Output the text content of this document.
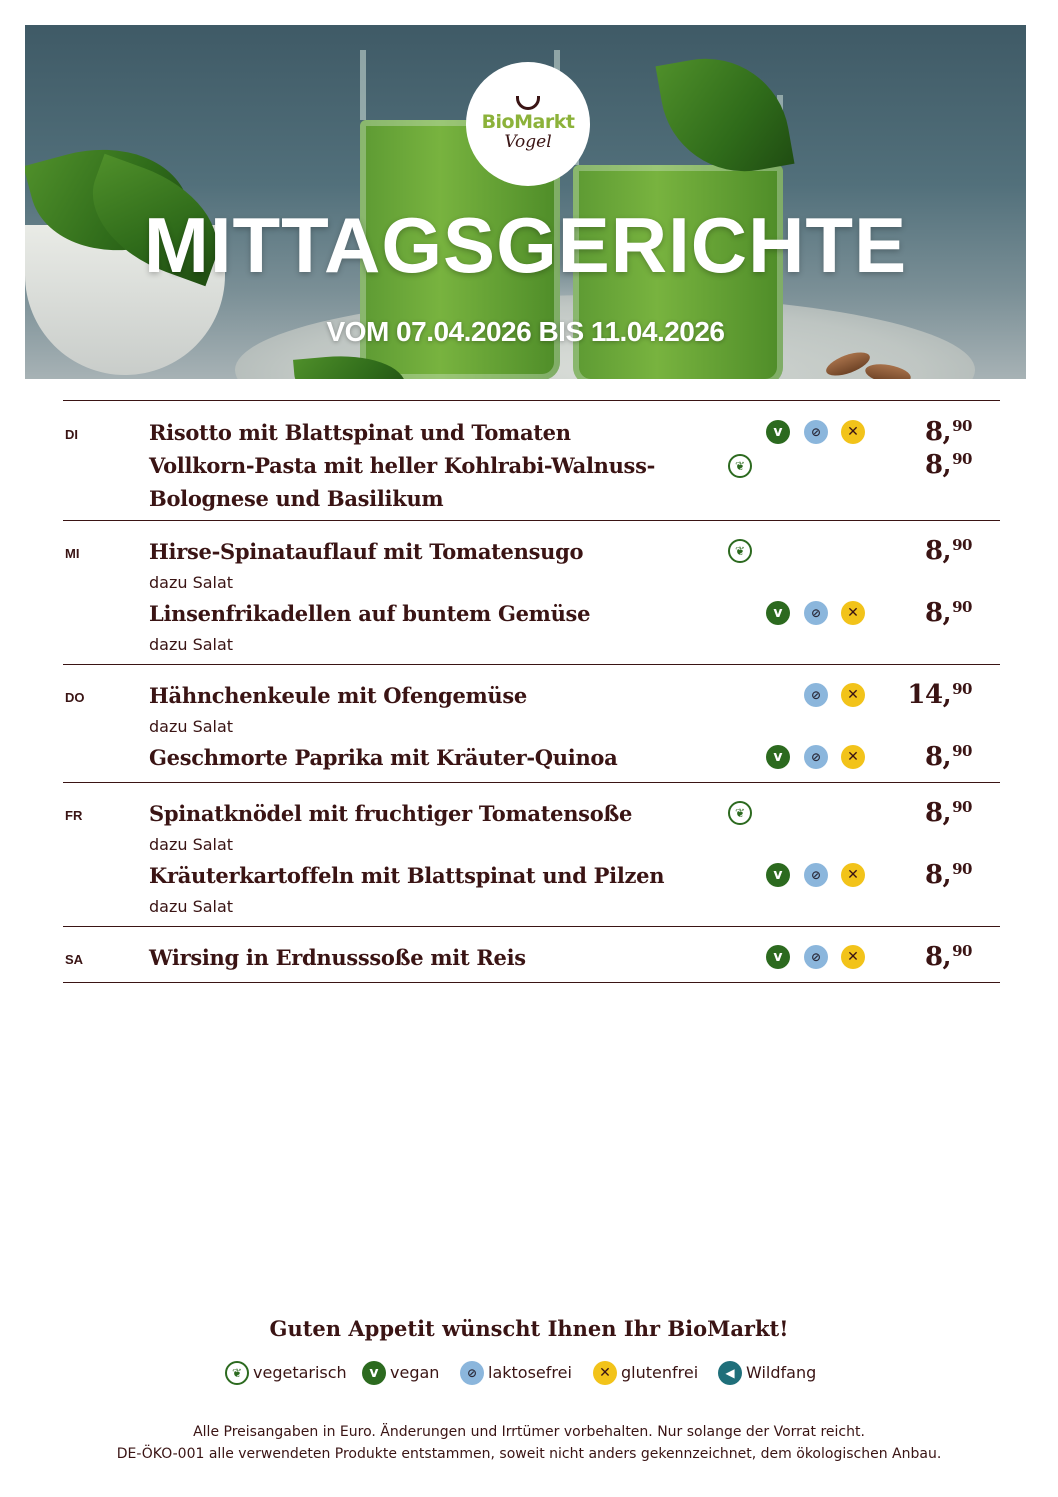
BioMarkt
Vogel
MITTAGSGERICHTE
VOM 07.04.2026 BIS 11.04.2026
DI	Risotto mit Blattspinat und Tomaten	v	⊘	✕	8,90
Vollkorn-Pasta mit heller Kohlrabi-Walnuss-
Bolognese und Basilikum
❦	8,90
MI	Hirse-Spinatauflauf mit Tomatensugo	❦	8,90
dazu Salat
Linsenfrikadellen auf buntem Gemüse	v	⊘	✕	8,90
dazu Salat
DO	Hähnchenkeule mit Ofengemüse	⊘	✕ 14,90
dazu Salat
Geschmorte Paprika mit Kräuter-Quinoa	v	⊘	✕	8,90
FR	Spinatknödel mit fruchtiger Tomatensoße	❦	8,90
dazu Salat
Kräuterkartoffeln mit Blattspinat und Pilzen	v	⊘	✕	8,90
dazu Salat
SA	Wirsing in Erdnusssoße mit Reis	v	⊘	✕	8,90
Guten Appetit wünscht Ihnen Ihr BioMarkt!
❦ vegetarisch	v vegan	⊘ laktosefrei	✕ glutenfrei	◀ Wildfang
Alle Preisangaben in Euro. Änderungen und Irrtümer vorbehalten. Nur solange der Vorrat reicht.
DE-ÖKO-001 alle verwendeten Produkte entstammen, soweit nicht anders gekennzeichnet, dem ökologischen Anbau.
